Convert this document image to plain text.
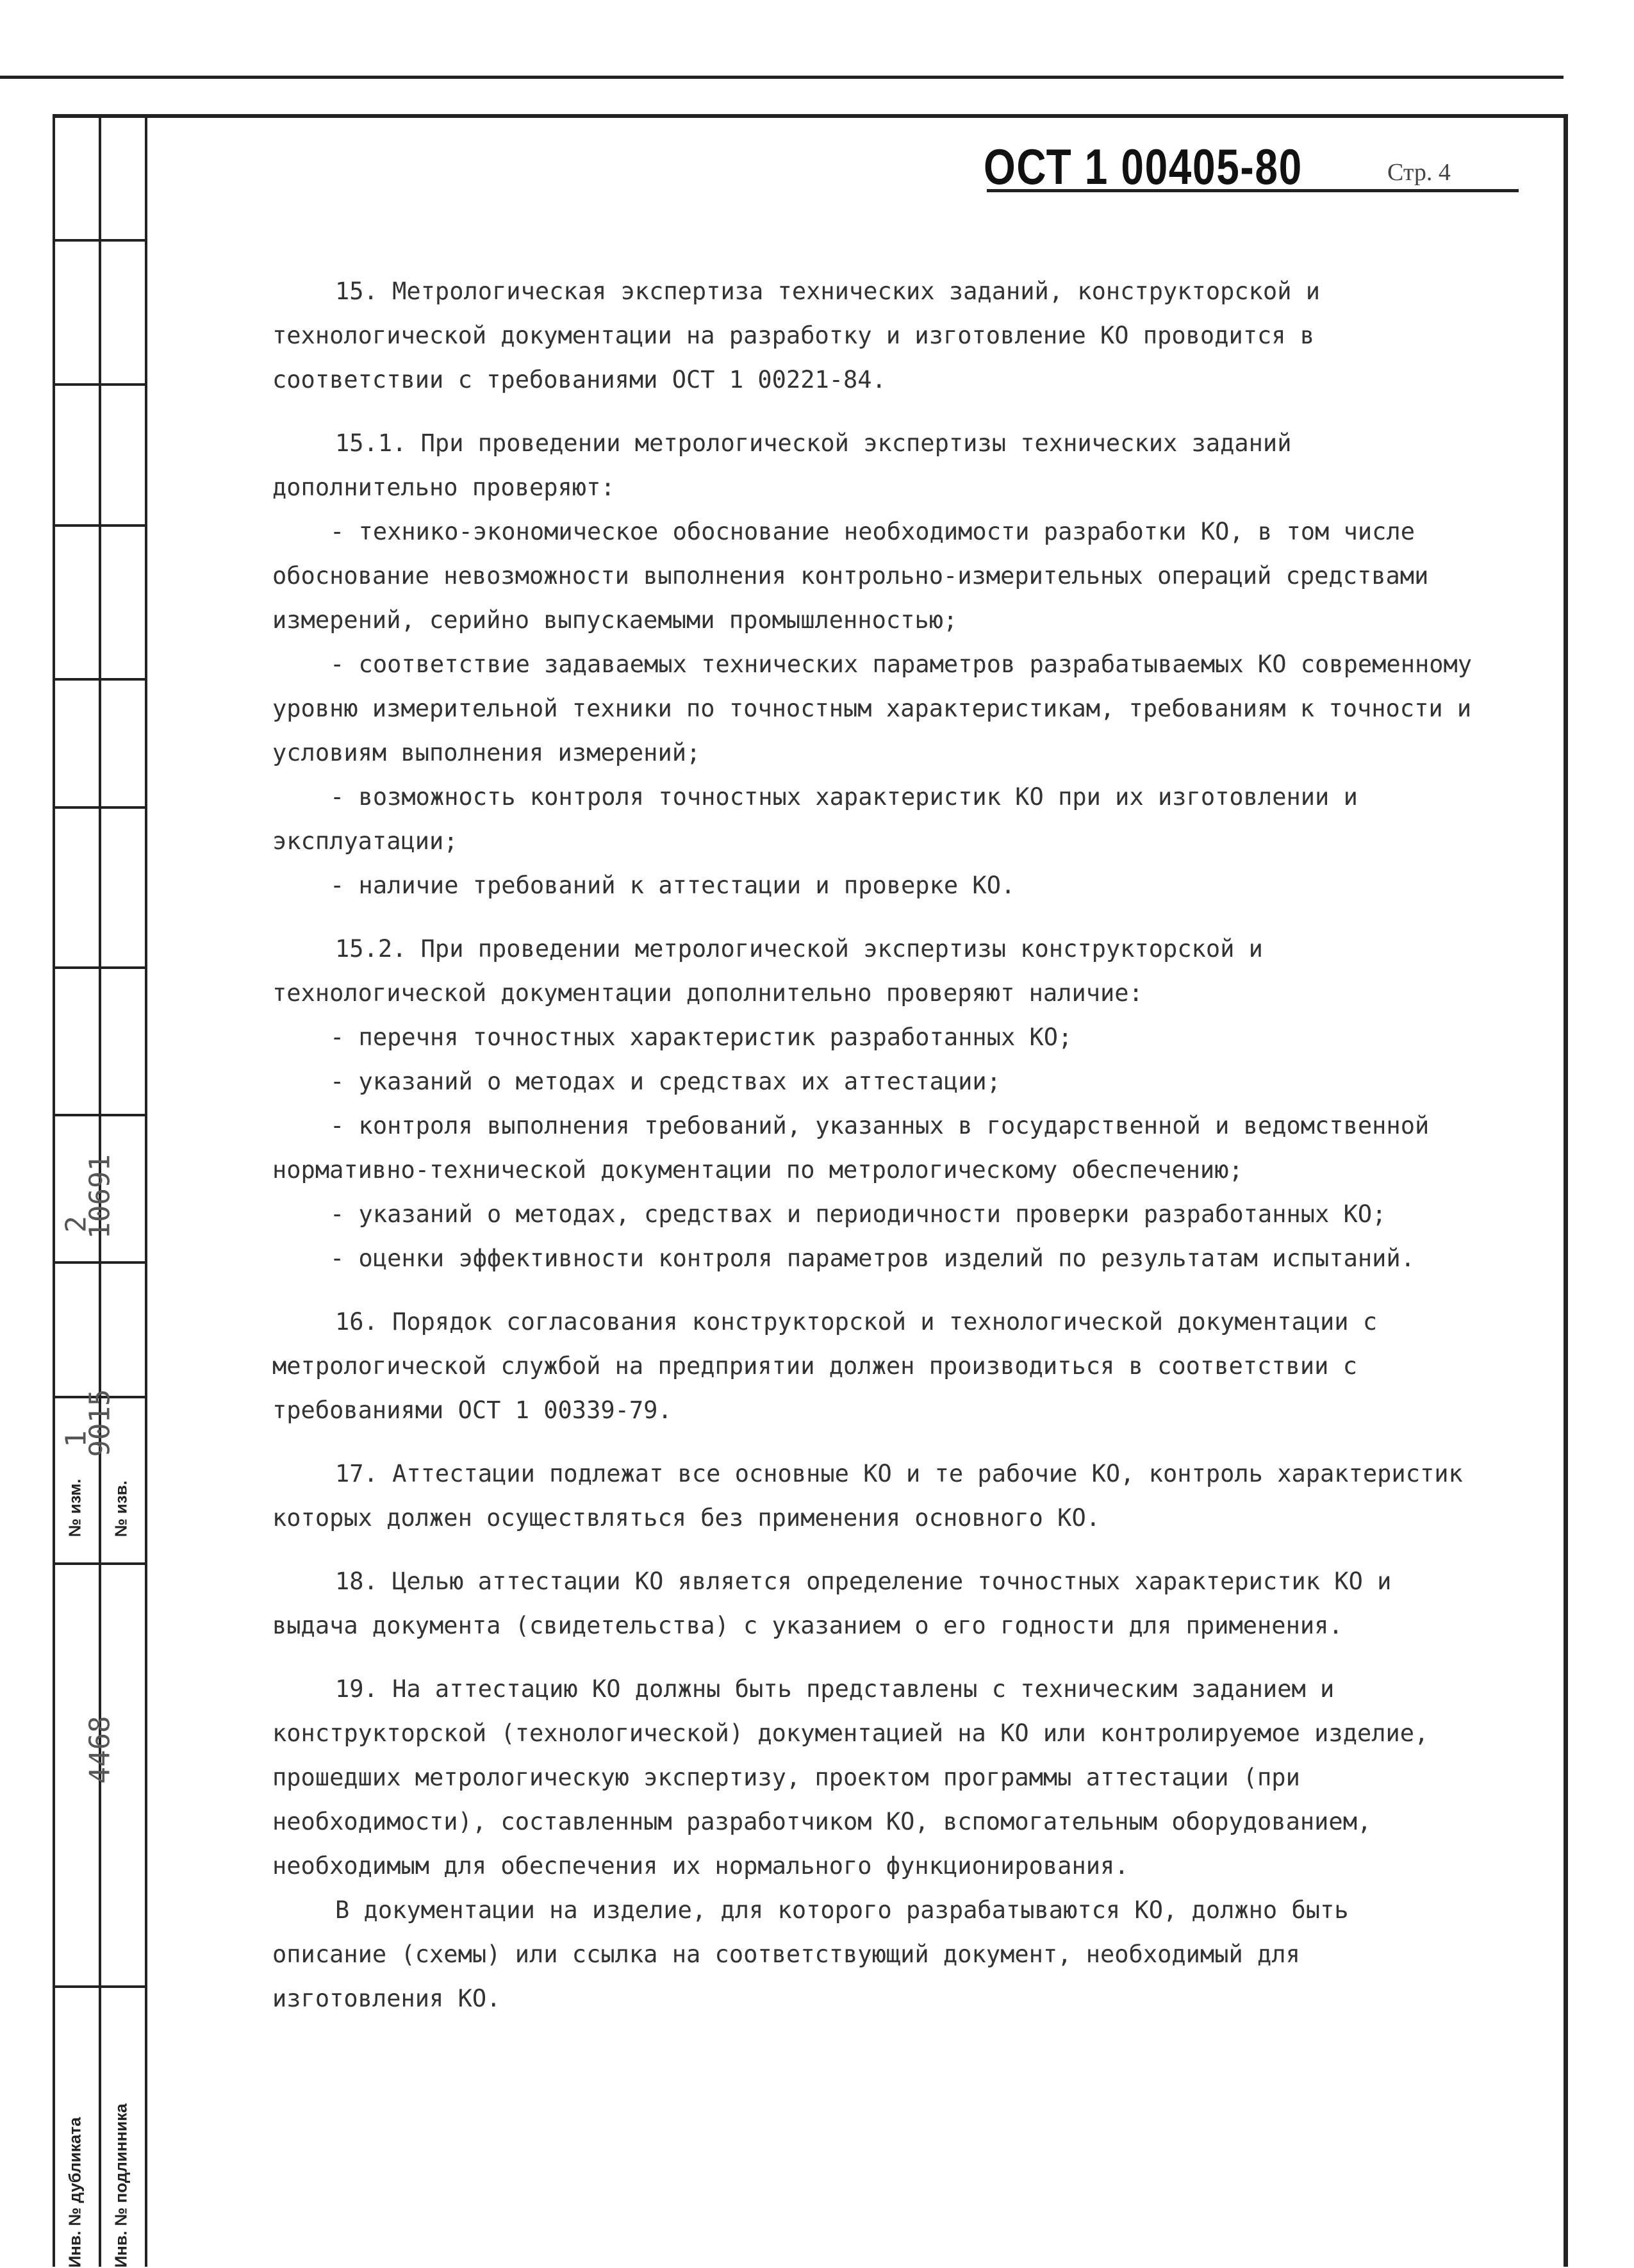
№ изм. № изв.
Инв. № дубликата Инв. № подлинника
1
2
9015
10691
4468
ОСТ 1 00405-80	Стр. 4

15. Метрологическая экспертиза технических заданий, конструкторской и технологической документации на разработку и изготовление КО проводится в соответствии с требованиями ОСТ 1 00221-84.

15.1. При проведении метрологической экспертизы технических заданий дополнительно проверяют:

- технико-экономическое обоснование необходимости разработки КО, в том числе обоснование невозможности выполнения контрольно-измерительных операций средствами измерений, серийно выпускаемыми промышленностью;

- соответствие задаваемых технических параметров разрабатываемых КО современному уровню измерительной техники по точностным характеристикам, требованиям к точности и условиям выполнения измерений;

- возможность контроля точностных характеристик КО при их изготовлении и эксплуатации;

- наличие требований к аттестации и проверке КО.

15.2. При проведении метрологической экспертизы конструкторской и технологической документации дополнительно проверяют наличие:

- перечня точностных характеристик разработанных КО;

- указаний о методах и средствах их аттестации;

- контроля выполнения требований, указанных в государственной и ведомственной нормативно-технической документации по метрологическому обеспечению;

- указаний о методах, средствах и периодичности проверки разработанных КО;

- оценки эффективности контроля параметров изделий по результатам испытаний.

16. Порядок согласования конструкторской и технологической документации с метрологической службой на предприятии должен производиться в соответствии с требованиями ОСТ 1 00339-79.

17. Аттестации подлежат все основные КО и те рабочие КО, контроль характеристик которых должен осуществляться без применения основного КО.

18. Целью аттестации КО является определение точностных характеристик КО и выдача документа (свидетельства) с указанием о его годности для применения.

19. На аттестацию КО должны быть представлены с техническим заданием и конструкторской (технологической) документацией на КО или контролируемое изделие, прошедших метрологическую экспертизу, проектом программы аттестации (при необходимости), составленным разработчиком КО, вспомогательным оборудованием, необходимым для обеспечения их нормального функционирования.

В документации на изделие, для которого разрабатываются КО, должно быть описание (схемы) или ссылка на соответствующий документ, необходимый для изготовления КО.
